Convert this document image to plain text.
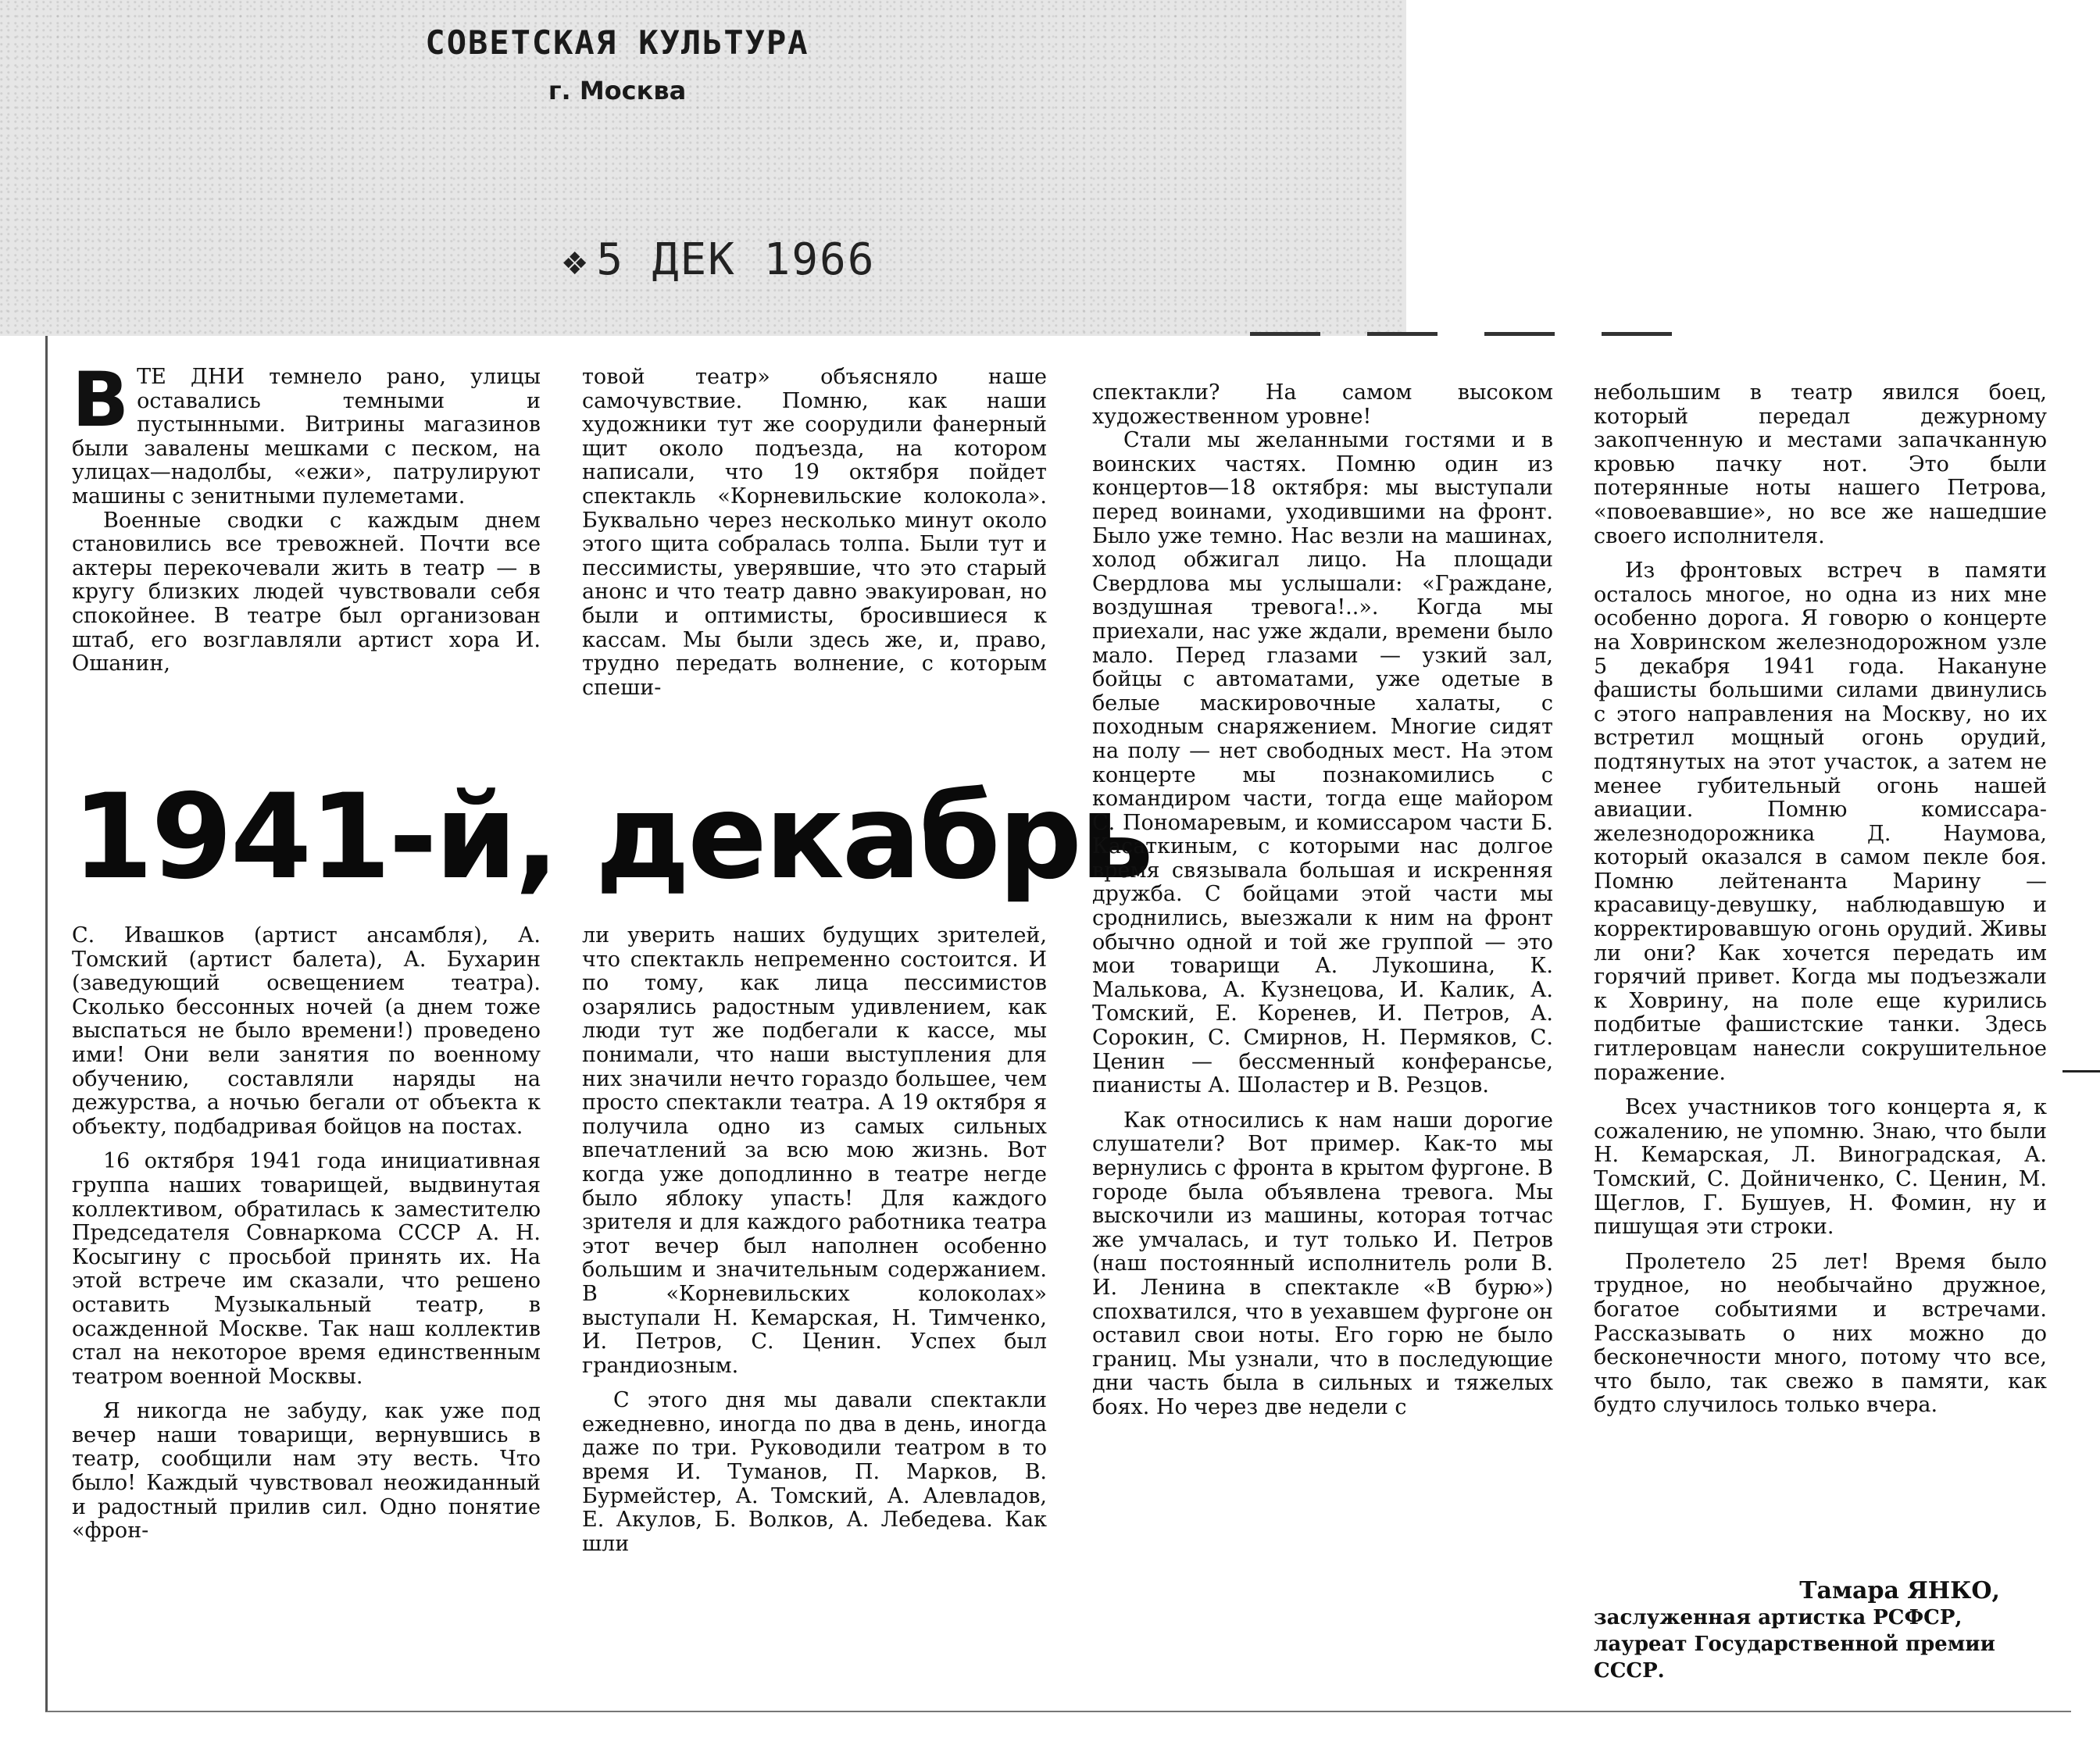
СОВЕТСКАЯ КУЛЬТУРА
г. Москва
❖ 5 ДЕК 1966

ВТЕ ДНИ темнело рано, улицы оставались темными и пустынными. Витрины магазинов были завалены мешками с песком, на улицах—надолбы, «ежи», патрулируют машины с зенитными пулеметами.

Военные сводки с каждым днем становились все тревожней. Почти все актеры перекочевали жить в театр — в кругу близких людей чувствовали себя спокойнее. В театре был организован штаб, его возглавляли артист хора И. Ошанин,

товой театр» объясняло наше самочувствие. Помню, как наши художники тут же соорудили фанерный щит около подъезда, на котором написали, что 19 октября пойдет спектакль «Корневильские колокола». Буквально через несколько минут около этого щита собралась толпа. Были тут и пессимисты, уверявшие, что это старый анонс и что театр давно эвакуирован, но были и оптимисты, бросившиеся к кассам. Мы были здесь же, и, право, трудно передать волнение, с которым спеши-

1941-й, декабрь

С. Ивашков (артист ансамбля), А. Томский (артист балета), А. Бухарин (заведующий освещением театра). Сколько бессонных ночей (а днем тоже выспаться не было времени!) проведено ими! Они вели занятия по военному обучению, составляли наряды на дежурства, а ночью бегали от объекта к объекту, подбадривая бойцов на постах.

16 октября 1941 года инициативная группа наших товарищей, выдвинутая коллективом, обратилась к заместителю Председателя Совнаркома СССР А. Н. Косыгину с просьбой принять их. На этой встрече им сказали, что решено оставить Музыкальный театр, в осажденной Москве. Так наш коллектив стал на некоторое время единственным театром военной Москвы.

Я никогда не забуду, как уже под вечер наши товарищи, вернувшись в театр, сообщили нам эту весть. Что было! Каждый чувствовал неожиданный и радостный прилив сил. Одно понятие «фрон-

ли уверить наших будущих зрителей, что спектакль непременно состоится. И по тому, как лица пессимистов озарялись радостным удивлением, как люди тут же подбегали к кассе, мы понимали, что наши выступления для них значили нечто гораздо большее, чем просто спектакли театра. А 19 октября я получила одно из самых сильных впечатлений за всю мою жизнь. Вот когда уже доподлинно в театре негде было яблоку упасть! Для каждого зрителя и для каждого работника театра этот вечер был наполнен особенно большим и значительным содержанием. В «Корневильских колоколах» выступали Н. Кемарская, Н. Тимченко, И. Петров, С. Ценин. Успех был грандиозным.

С этого дня мы давали спектакли ежедневно, иногда по два в день, иногда даже по три. Руководили театром в то время И. Туманов, П. Марков, В. Бурмейстер, А. Томский, А. Алевладов, Е. Акулов, Б. Волков, А. Лебедева. Как шли

спектакли? На самом высоком художественном уровне!

Стали мы желанными гостями и в воинских частях. Помню один из концертов—18 октября: мы выступали перед воинами, уходившими на фронт. Было уже темно. Нас везли на машинах, холод обжигал лицо. На площади Свердлова мы услышали: «Граждане, воздушная тревога!..». Когда мы приехали, нас уже ждали, времени было мало. Перед глазами — узкий зал, бойцы с автоматами, уже одетые в белые маскировочные халаты, с походным снаряжением. Многие сидят на полу — нет свободных мест. На этом концерте мы познакомились с командиром части, тогда еще майором С. Пономаревым, и комиссаром части Б. Касаткиным, с которыми нас долгое время связывала большая и искренняя дружба. С бойцами этой части мы сроднились, выезжали к ним на фронт обычно одной и той же группой — это мои товарищи А. Лукошина, К. Малькова, А. Кузнецова, И. Калик, А. Томский, Е. Коренев, И. Петров, А. Сорокин, С. Смирнов, Н. Пермяков, С. Ценин — бессменный конферансье, пианисты А. Шоластер и В. Резцов.

Как относились к нам наши дорогие слушатели? Вот пример. Как-то мы вернулись с фронта в крытом фургоне. В городе была объявлена тревога. Мы выскочили из машины, которая тотчас же умчалась, и тут только И. Петров (наш постоянный исполнитель роли В. И. Ленина в спектакле «В бурю») спохватился, что в уехавшем фургоне он оставил свои ноты. Его горю не было границ. Мы узнали, что в последующие дни часть была в сильных и тяжелых боях. Но через две недели с

небольшим в театр явился боец, который передал дежурному закопченную и местами запачканную кровью пачку нот. Это были потерянные ноты нашего Петрова, «повоевавшие», но все же нашедшие своего исполнителя.

Из фронтовых встреч в памяти осталось многое, но одна из них мне особенно дорога. Я говорю о концерте на Ховринском железнодорожном узле 5 декабря 1941 года. Накануне фашисты большими силами двинулись с этого направления на Москву, но их встретил мощный огонь орудий, подтянутых на этот участок, а затем не менее губительный огонь нашей авиации. Помню комиссара-железнодорожника Д. Наумова, который оказался в самом пекле боя. Помню лейтенанта Марину — красавицу-девушку, наблюдавшую и корректировавшую огонь орудий. Живы ли они? Как хочется передать им горячий привет. Когда мы подъезжали к Ховрину, на поле еще курились подбитые фашистские танки. Здесь гитлеровцам нанесли сокрушительное поражение.

Всех участников того концерта я, к сожалению, не упомню. Знаю, что были Н. Кемарская, Л. Виноградская, А. Томский, С. Дойниченко, С. Ценин, М. Щеглов, Г. Бушуев, Н. Фомин, ну и пишущая эти строки.

Пролетело 25 лет! Время было трудное, но необычайно дружное, богатое событиями и встречами. Рассказывать о них можно до бесконечности много, потому что все, что было, так свежо в памяти, как будто случилось только вчера.

Тамара ЯНКО,
заслуженная артистка РСФСР,
лауреат Государственной премии СССР.
